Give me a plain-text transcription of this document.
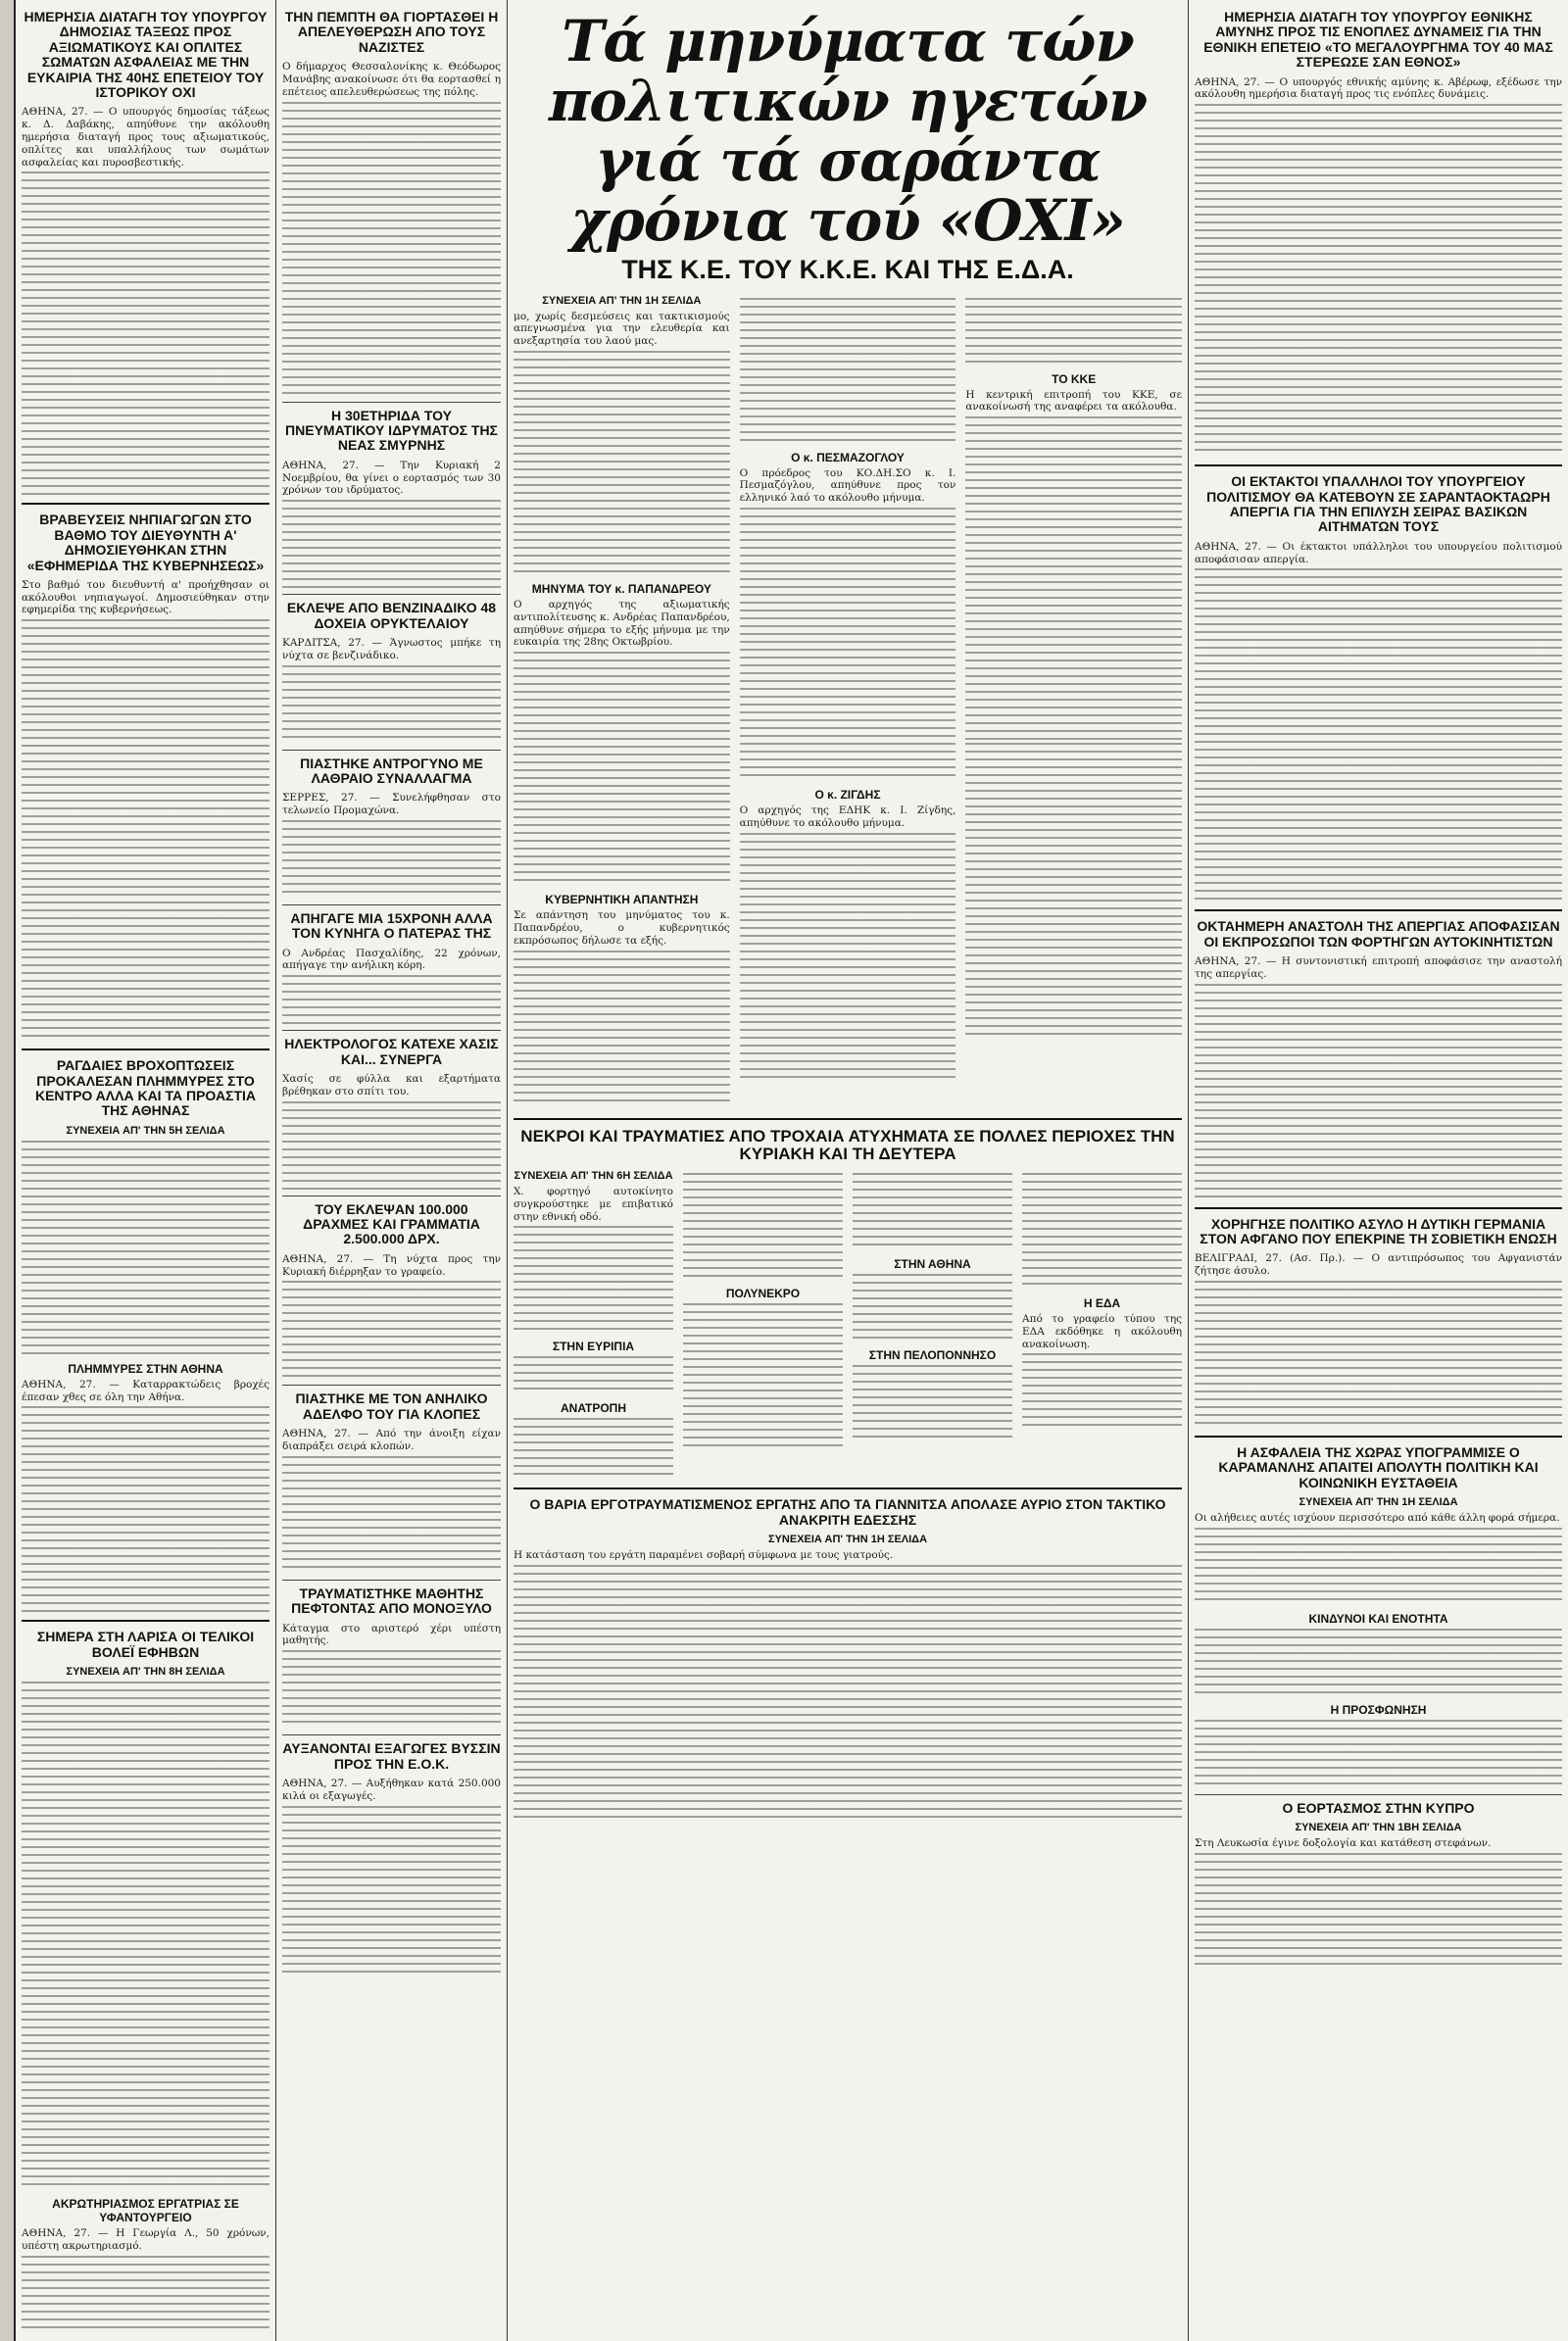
ΗΜΕΡΗΣΙΑ ΔΙΑΤΑΓΗ ΤΟΥ ΥΠΟΥΡΓΟΥ ΔΗΜΟΣΙΑΣ ΤΑΞΕΩΣ ΠΡΟΣ ΑΞΙΩΜΑΤΙΚΟΥΣ ΚΑΙ ΟΠΛΙΤΕΣ ΣΩΜΑΤΩΝ ΑΣΦΑΛΕΙΑΣ ΜΕ ΤΗΝ ΕΥΚΑΙΡΙΑ ΤΗΣ 40ΗΣ ΕΠΕΤΕΙΟΥ ΤΟΥ ΙΣΤΟΡΙΚΟΥ ΟΧΙ

ΑΘΗΝΑ, 27. — Ο υπουργός δημοσίας τάξεως κ. Δ. Δαβάκης, απηύθυνε την ακόλουθη ημερήσια διαταγή προς τους αξιωματικούς, οπλίτες και υπαλλήλους των σωμάτων ασφαλείας και πυροσβεστικής.

ΒΡΑΒΕΥΣΕΙΣ ΝΗΠΙΑΓΩΓΩΝ ΣΤΟ ΒΑΘΜΟ ΤΟΥ ΔΙΕΥΘΥΝΤΗ Α' ΔΗΜΟΣΙΕΥΘΗΚΑΝ ΣΤΗΝ «ΕΦΗΜΕΡΙΔΑ ΤΗΣ ΚΥΒΕΡΝΗΣΕΩΣ»

Στο βαθμό του διευθυντή α' προήχθησαν οι ακόλουθοι νηπιαγωγοί. Δημοσιεύθηκαν στην εφημερίδα της κυβερνήσεως.

ΡΑΓΔΑΙΕΣ ΒΡΟΧΟΠΤΩΣΕΙΣ ΠΡΟΚΑΛΕΣΑΝ ΠΛΗΜΜΥΡΕΣ ΣΤΟ ΚΕΝΤΡΟ ΑΛΛΑ ΚΑΙ ΤΑ ΠΡΟΑΣΤΙΑ ΤΗΣ ΑΘΗΝΑΣ
ΣΥΝΕΧΕΙΑ ΑΠ' ΤΗΝ 5Η ΣΕΛΙΔΑ
ΠΛΗΜΜΥΡΕΣ ΣΤΗΝ ΑΘΗΝΑ

ΑΘΗΝΑ, 27. — Καταρρακτώδεις βροχές έπεσαν χθες σε όλη την Αθήνα.

ΣΗΜΕΡΑ ΣΤΗ ΛΑΡΙΣΑ ΟΙ ΤΕΛΙΚΟΙ ΒΟΛΕΪ ΕΦΗΒΩΝ
ΣΥΝΕΧΕΙΑ ΑΠ' ΤΗΝ 8Η ΣΕΛΙΔΑ
ΑΚΡΩΤΗΡΙΑΣΜΟΣ ΕΡΓΑΤΡΙΑΣ ΣΕ ΥΦΑΝΤΟΥΡΓΕΙΟ

ΑΘΗΝΑ, 27. — Η Γεωργία Λ., 50 χρόνων, υπέστη ακρωτηριασμό.

ΤΗΝ ΠΕΜΠΤΗ ΘΑ ΓΙΟΡΤΑΣΘΕΙ Η ΑΠΕΛΕΥΘΕΡΩΣΗ ΑΠΟ ΤΟΥΣ ΝΑΖΙΣΤΕΣ

Ο δήμαρχος Θεσσαλονίκης κ. Θεόδωρος Μανάβης ανακοίνωσε ότι θα εορτασθεί η επέτειος απελευθερώσεως της πόλης.

Η 30ΕΤΗΡΙΔΑ ΤΟΥ ΠΝΕΥΜΑΤΙΚΟΥ ΙΔΡΥΜΑΤΟΣ ΤΗΣ ΝΕΑΣ ΣΜΥΡΝΗΣ

ΑΘΗΝΑ, 27. — Την Κυριακή 2 Νοεμβρίου, θα γίνει ο εορτασμός των 30 χρόνων του ιδρύματος.

ΕΚΛΕΨΕ ΑΠΟ ΒΕΝΖΙΝΑΔΙΚΟ 48 ΔΟΧΕΙΑ ΟΡΥΚΤΕΛΑΙΟΥ

ΚΑΡΔΙΤΣΑ, 27. — Άγνωστος μπήκε τη νύχτα σε βενζινάδικο.

ΠΙΑΣΤΗΚΕ ΑΝΤΡΟΓΥΝΟ ΜΕ ΛΑΘΡΑΙΟ ΣΥΝΑΛΛΑΓΜΑ

ΣΕΡΡΕΣ, 27. — Συνελήφθησαν στο τελωνείο Προμαχώνα.

ΑΠΗΓΑΓΕ ΜΙΑ 15ΧΡΟΝΗ ΑΛΛΑ ΤΟΝ ΚΥΝΗΓΑ Ο ΠΑΤΕΡΑΣ ΤΗΣ

Ο Ανδρέας Πασχαλίδης, 22 χρόνων, απήγαγε την ανήλικη κόρη.

ΗΛΕΚΤΡΟΛΟΓΟΣ ΚΑΤΕΧΕ ΧΑΣΙΣ ΚΑΙ... ΣΥΝΕΡΓΑ

Χασίς σε φύλλα και εξαρτήματα βρέθηκαν στο σπίτι του.

ΤΟΥ ΕΚΛΕΨΑΝ 100.000 ΔΡΑΧΜΕΣ ΚΑΙ ΓΡΑΜΜΑΤΙΑ 2.500.000 ΔΡΧ.

ΑΘΗΝΑ, 27. — Τη νύχτα προς την Κυριακή διέρρηξαν το γραφείο.

ΠΙΑΣΤΗΚΕ ΜΕ ΤΟΝ ΑΝΗΛΙΚΟ ΑΔΕΛΦΟ ΤΟΥ ΓΙΑ ΚΛΟΠΕΣ

ΑΘΗΝΑ, 27. — Από την άνοιξη είχαν διαπράξει σειρά κλοπών.

ΤΡΑΥΜΑΤΙΣΤΗΚΕ ΜΑΘΗΤΗΣ ΠΕΦΤΟΝΤΑΣ ΑΠΟ ΜΟΝΟΞΥΛΟ

Κάταγμα στο αριστερό χέρι υπέστη μαθητής.

ΑΥΞΑΝΟΝΤΑΙ ΕΞΑΓΩΓΕΣ ΒΥΣΣΙΝ ΠΡΟΣ ΤΗΝ Ε.Ο.Κ.

ΑΘΗΝΑ, 27. — Αυξήθηκαν κατά 250.000 κιλά οι εξαγωγές.

Τά μηνύματα τών πολιτικών ηγετών
γιά τά σαράντα χρόνια τού «ΟΧΙ»
ΤΗΣ Κ.Ε. ΤΟΥ Κ.Κ.Ε. ΚΑΙ ΤΗΣ Ε.Δ.Α.
ΣΥΝΕΧΕΙΑ ΑΠ' ΤΗΝ 1Η ΣΕΛΙΔΑ

μο, χωρίς δεσμεύσεις και τακτικισμούς απεγνωσμένα για την ελευθερία και ανεξαρτησία του λαού μας.

ΜΗΝΥΜΑ ΤΟΥ κ. ΠΑΠΑΝΔΡΕΟΥ

Ο αρχηγός της αξιωματικής αντιπολίτευσης κ. Ανδρέας Παπανδρέου, απηύθυνε σήμερα το εξής μήνυμα με την ευκαιρία της 28ης Οκτωβρίου.

ΚΥΒΕΡΝΗΤΙΚΗ ΑΠΑΝΤΗΣΗ

Σε απάντηση του μηνύματος του κ. Παπανδρέου, ο κυβερνητικός εκπρόσωπος δήλωσε τα εξής.

Ο κ. ΠΕΣΜΑΖΟΓΛΟΥ

Ο πρόεδρος του ΚΟ.ΔΗ.ΣΟ κ. Ι. Πεσμαζόγλου, απηύθυνε προς τον ελληνικό λαό το ακόλουθο μήνυμα.

Ο κ. ΖΙΓΔΗΣ

Ο αρχηγός της ΕΔΗΚ κ. Ι. Ζίγδης, απηύθυνε το ακόλουθο μήνυμα.

ΤΟ ΚΚΕ

Η κεντρική επιτροπή του ΚΚΕ, σε ανακοίνωσή της αναφέρει τα ακόλουθα.

ΝΕΚΡΟΙ ΚΑΙ ΤΡΑΥΜΑΤΙΕΣ ΑΠΟ ΤΡΟΧΑΙΑ ΑΤΥΧΗΜΑΤΑ ΣΕ ΠΟΛΛΕΣ ΠΕΡΙΟΧΕΣ ΤΗΝ ΚΥΡΙΑΚΗ ΚΑΙ ΤΗ ΔΕΥΤΕΡΑ
ΣΥΝΕΧΕΙΑ ΑΠ' ΤΗΝ 6Η ΣΕΛΙΔΑ

Χ. φορτηγό αυτοκίνητο συγκρούστηκε με επιβατικό στην εθνική οδό.

ΣΤΗΝ ΕΥΡΙΠΙΑ
ΑΝΑΤΡΟΠΗ
ΠΟΛΥΝΕΚΡΟ
ΣΤΗΝ ΑΘΗΝΑ
ΣΤΗΝ ΠΕΛΟΠΟΝΝΗΣΟ
Η ΕΔΑ

Από το γραφείο τύπου της ΕΔΑ εκδόθηκε η ακόλουθη ανακοίνωση.

Ο ΒΑΡΙΑ ΕΡΓΟΤΡΑΥΜΑΤΙΣΜΕΝΟΣ ΕΡΓΑΤΗΣ ΑΠΟ ΤΑ ΓΙΑΝΝΙΤΣΑ ΑΠΟΛΑΣΕ ΑΥΡΙΟ ΣΤΟΝ ΤΑΚΤΙΚΟ ΑΝΑΚΡΙΤΗ ΕΔΕΣΣΗΣ
ΣΥΝΕΧΕΙΑ ΑΠ' ΤΗΝ 1Η ΣΕΛΙΔΑ

Η κατάσταση του εργάτη παραμένει σοβαρή σύμφωνα με τους γιατρούς.

ΗΜΕΡΗΣΙΑ ΔΙΑΤΑΓΗ ΤΟΥ ΥΠΟΥΡΓΟΥ ΕΘΝΙΚΗΣ ΑΜΥΝΗΣ ΠΡΟΣ ΤΙΣ ΕΝΟΠΛΕΣ ΔΥΝΑΜΕΙΣ ΓΙΑ ΤΗΝ ΕΘΝΙΚΗ ΕΠΕΤΕΙΟ «ΤΟ ΜΕΓΑΛΟΥΡΓΗΜΑ ΤΟΥ 40 ΜΑΣ ΣΤΕΡΕΩΣΕ ΣΑΝ ΕΘΝΟΣ»

ΑΘΗΝΑ, 27. — Ο υπουργός εθνικής αμύνης κ. Αβέρωφ, εξέδωσε την ακόλουθη ημερήσια διαταγή προς τις ενόπλες δυνάμεις.

ΟΙ ΕΚΤΑΚΤΟΙ ΥΠΑΛΛΗΛΟΙ ΤΟΥ ΥΠΟΥΡΓΕΙΟΥ ΠΟΛΙΤΙΣΜΟΥ ΘΑ ΚΑΤΕΒΟΥΝ ΣΕ ΣΑΡΑΝΤΑΟΚΤΑΩΡΗ ΑΠΕΡΓΙΑ ΓΙΑ ΤΗΝ ΕΠΙΛΥΣΗ ΣΕΙΡΑΣ ΒΑΣΙΚΩΝ ΑΙΤΗΜΑΤΩΝ ΤΟΥΣ

ΑΘΗΝΑ, 27. — Οι έκτακτοι υπάλληλοι του υπουργείου πολιτισμού αποφάσισαν απεργία.

ΟΚΤΑΗΜΕΡΗ ΑΝΑΣΤΟΛΗ ΤΗΣ ΑΠΕΡΓΙΑΣ ΑΠΟΦΑΣΙΣΑΝ ΟΙ ΕΚΠΡΟΣΩΠΟΙ ΤΩΝ ΦΟΡΤΗΓΩΝ ΑΥΤΟΚΙΝΗΤΙΣΤΩΝ

ΑΘΗΝΑ, 27. — Η συντονιστική επιτροπή αποφάσισε την αναστολή της απεργίας.

ΧΟΡΗΓΗΣΕ ΠΟΛΙΤΙΚΟ ΑΣΥΛΟ Η ΔΥΤΙΚΗ ΓΕΡΜΑΝΙΑ ΣΤΟΝ ΑΦΓΑΝΟ ΠΟΥ ΕΠΕΚΡΙΝΕ ΤΗ ΣΟΒΙΕΤΙΚΗ ΕΝΩΣΗ

ΒΕΛΙΓΡΑΔΙ, 27. (Ασ. Πρ.). — Ο αντιπρόσωπος του Αφγανιστάν ζήτησε άσυλο.

Η ΑΣΦΑΛΕΙΑ ΤΗΣ ΧΩΡΑΣ ΥΠΟΓΡΑΜΜΙΣΕ Ο ΚΑΡΑΜΑΝΛΗΣ ΑΠΑΙΤΕΙ ΑΠΟΛΥΤΗ ΠΟΛΙΤΙΚΗ ΚΑΙ ΚΟΙΝΩΝΙΚΗ ΕΥΣΤΑΘΕΙΑ
ΣΥΝΕΧΕΙΑ ΑΠ' ΤΗΝ 1Η ΣΕΛΙΔΑ

Οι αλήθειες αυτές ισχύουν περισσότερο από κάθε άλλη φορά σήμερα.

ΚΙΝΔΥΝΟΙ ΚΑΙ ΕΝΟΤΗΤΑ
Η ΠΡΟΣΦΩΝΗΣΗ
Ο ΕΟΡΤΑΣΜΟΣ ΣΤΗΝ ΚΥΠΡΟ
ΣΥΝΕΧΕΙΑ ΑΠ' ΤΗΝ 1ΒΗ ΣΕΛΙΔΑ

Στη Λευκωσία έγινε δοξολογία και κατάθεση στεφάνων.
